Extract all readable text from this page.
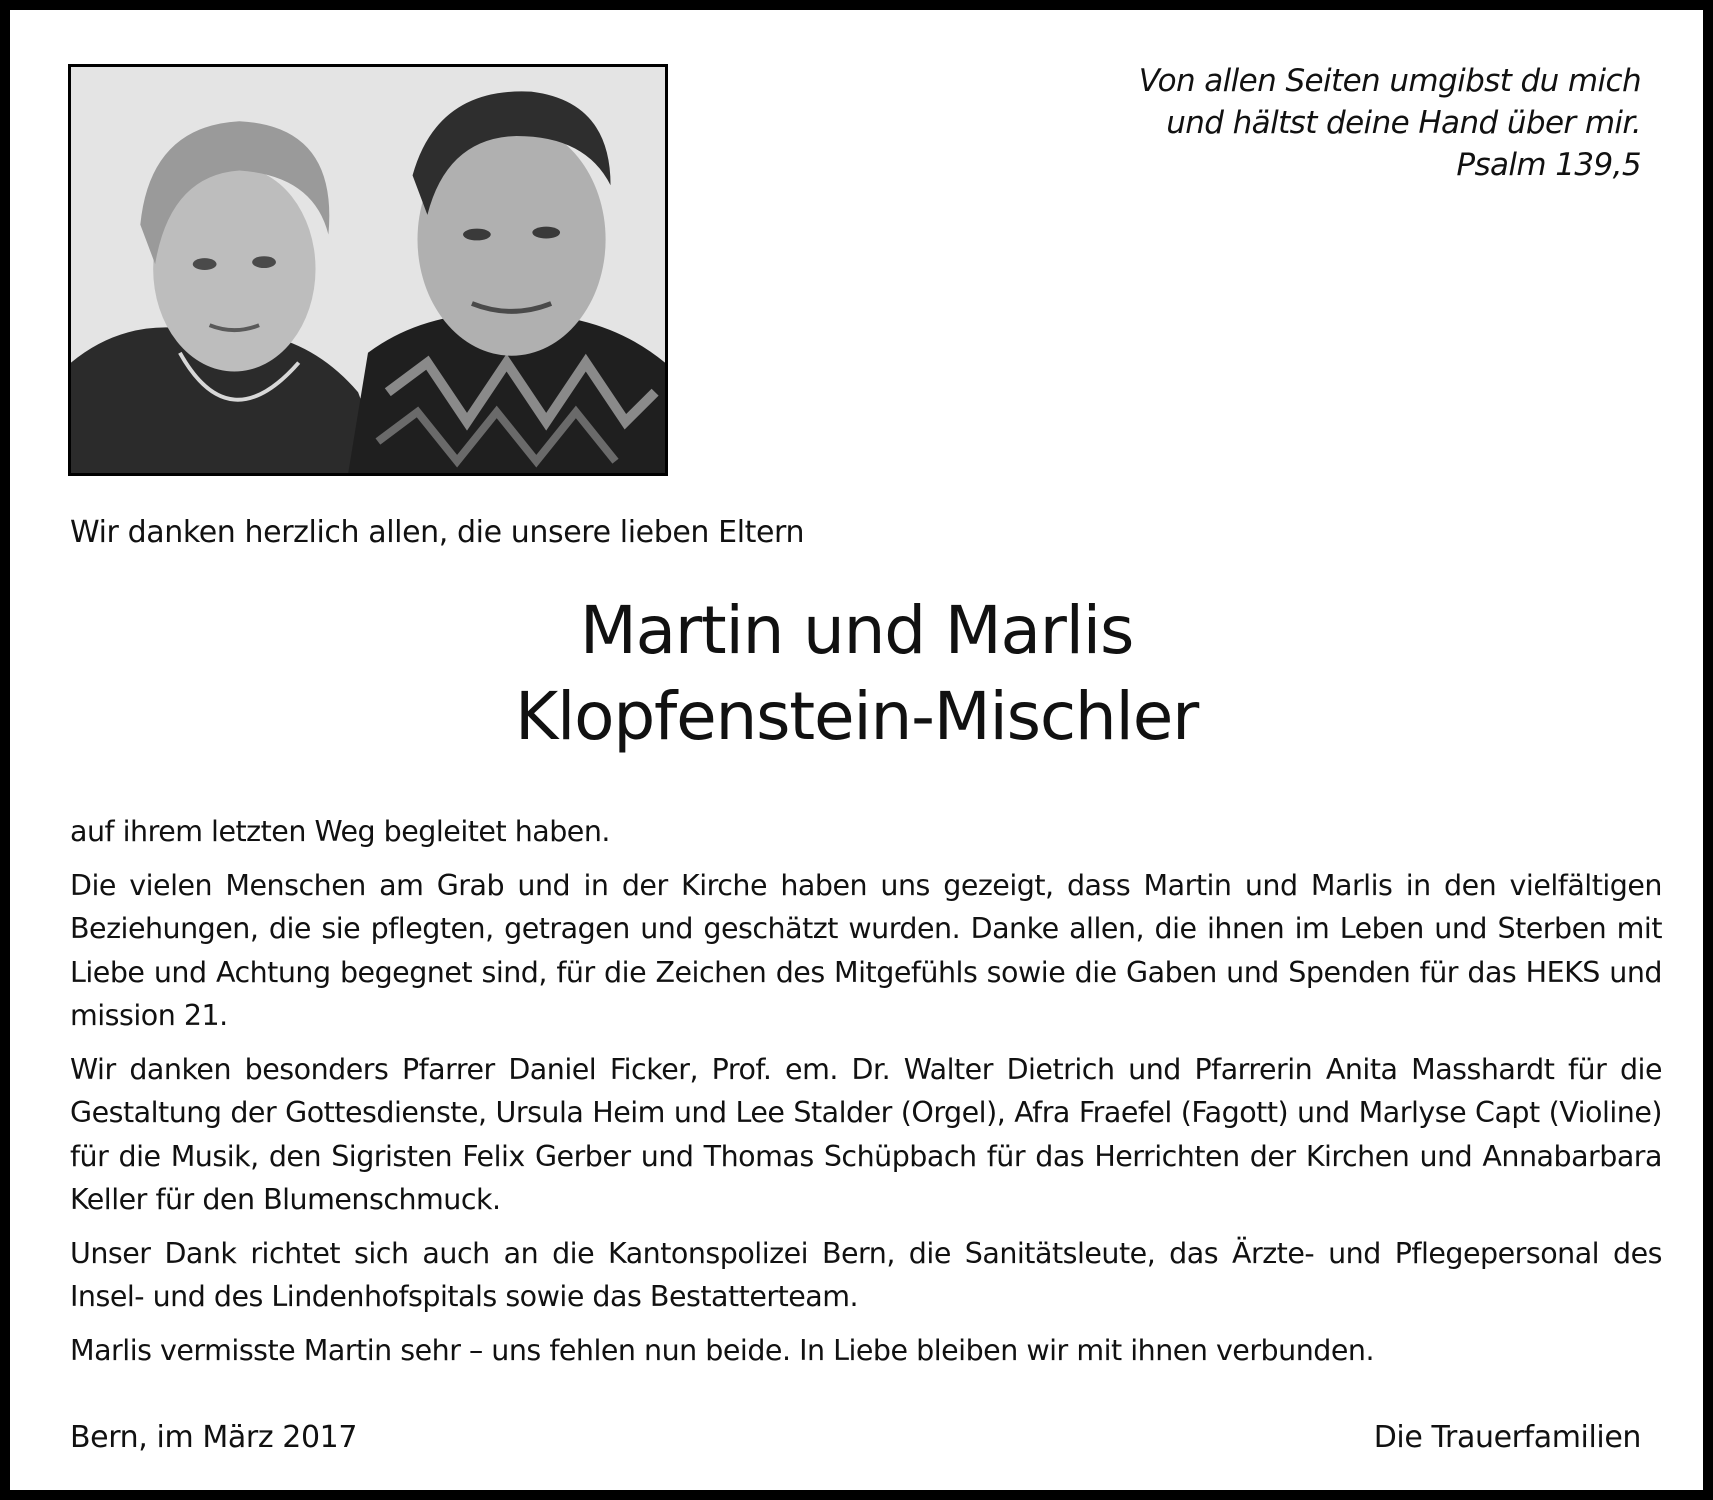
Von allen Seiten umgibst du mich
und hältst deine Hand über mir.
Psalm 139,5
Wir danken herzlich allen, die unsere lieben Eltern
Martin und Marlis
Klopfenstein-Mischler

auf ihrem letzten Weg begleitet haben.

Die vielen Menschen am Grab und in der Kirche haben uns gezeigt, dass Martin und Marlis in den vielfältigen Beziehungen, die sie pflegten, getragen und geschätzt wurden. Danke allen, die ihnen im Leben und Sterben mit Liebe und Achtung begegnet sind, für die Zeichen des Mitgefühls sowie die Gaben und Spenden für das HEKS und mission 21.

Wir danken besonders Pfarrer Daniel Ficker, Prof. em. Dr. Walter Dietrich und Pfarrerin Anita Masshardt für die Gestaltung der Gottesdienste, Ursula Heim und Lee Stalder (Orgel), Afra Fraefel (Fagott) und Marlyse Capt (Violine) für die Musik, den Sigristen Felix Gerber und Thomas Schüpbach für das Herrichten der Kirchen und Annabarbara Keller für den Blumenschmuck.

Unser Dank richtet sich auch an die Kantonspolizei Bern, die Sanitätsleute, das Ärzte- und Pflegepersonal des Insel- und des Lindenhofspitals sowie das Bestatterteam.

Marlis vermisste Martin sehr – uns fehlen nun beide. In Liebe bleiben wir mit ihnen verbunden.

Bern, im März 2017	Die Trauerfamilien
